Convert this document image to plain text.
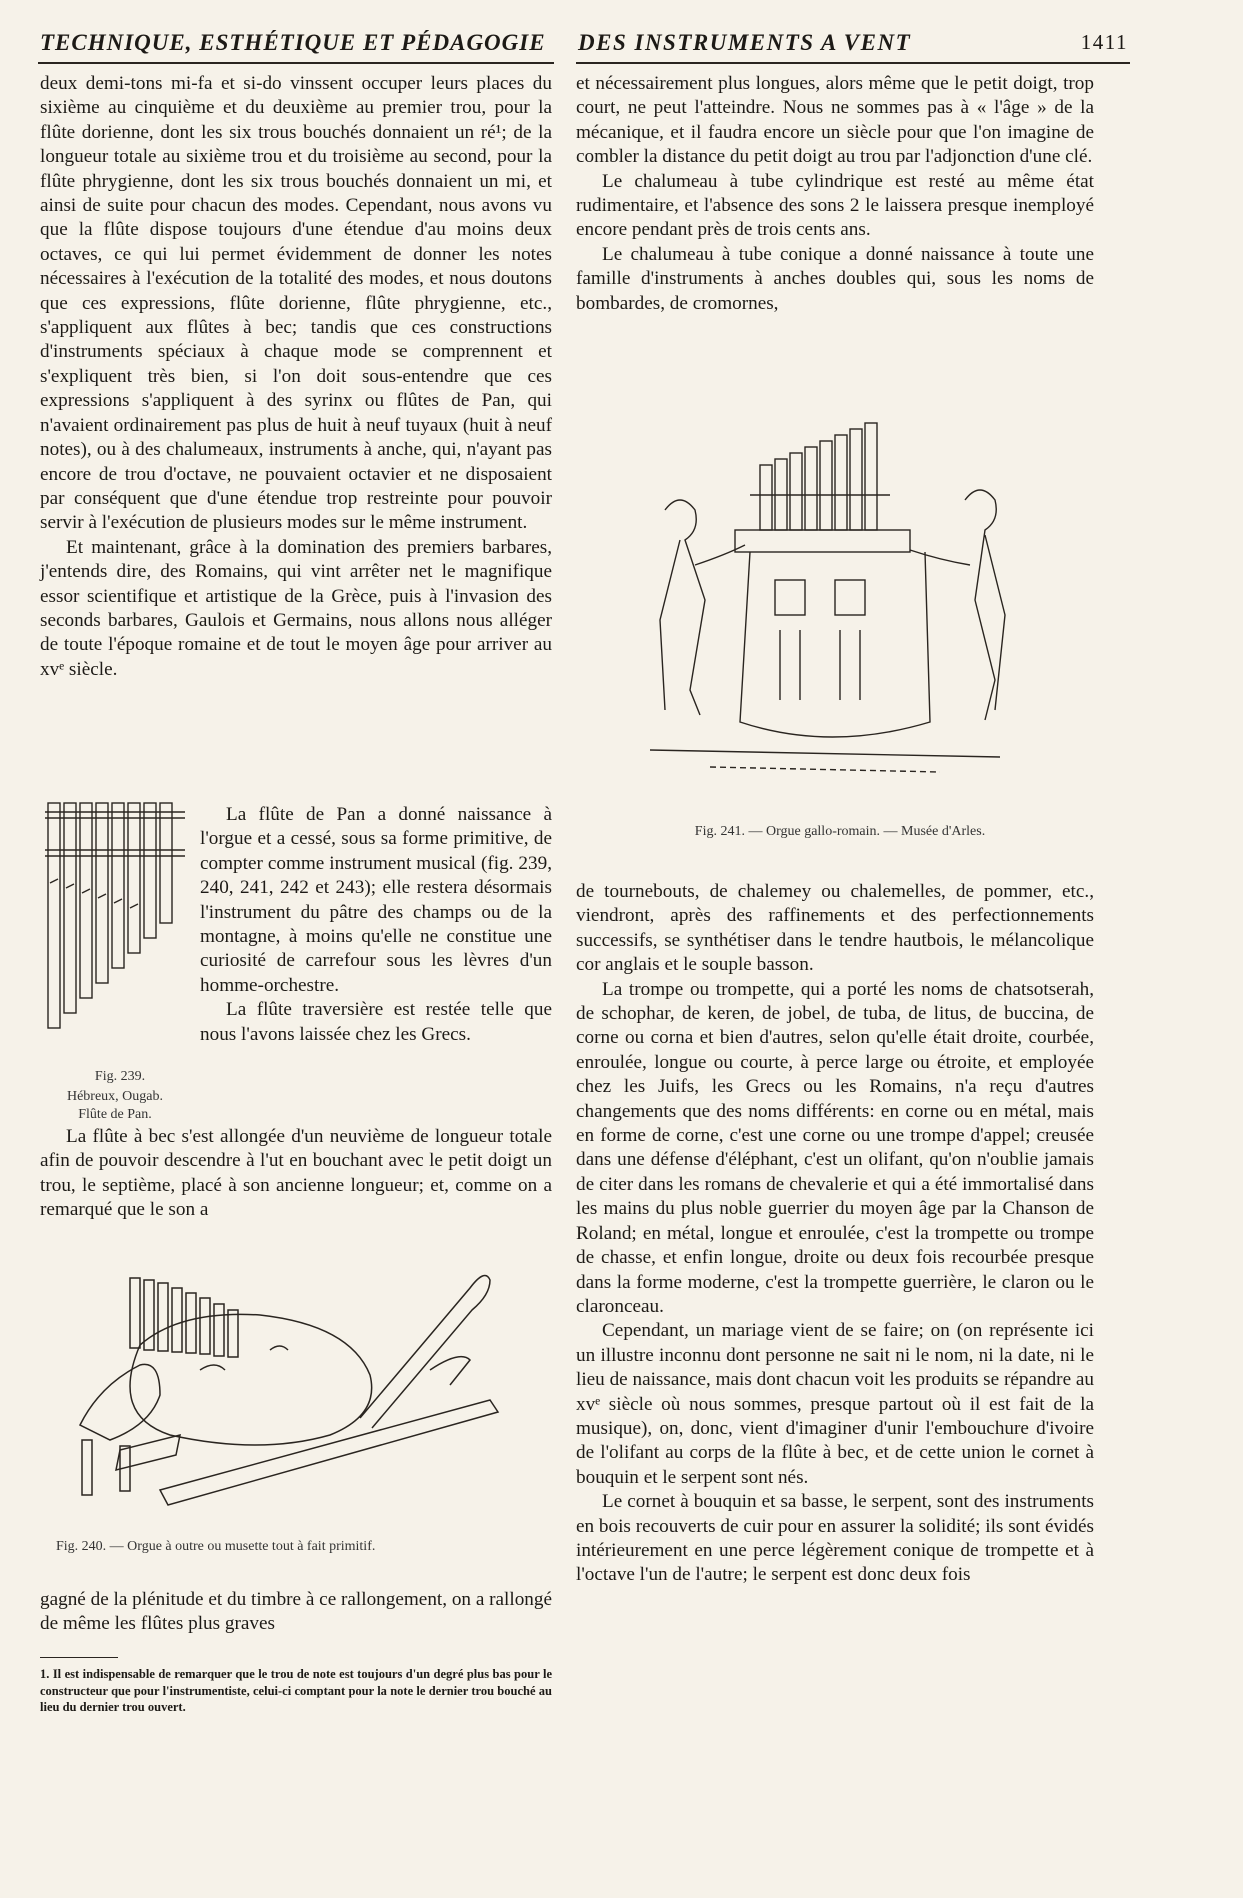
TECHNIQUE, ESTHÉTIQUE ET PÉDAGOGIE	DES INSTRUMENTS A VENT	1411

deux demi-tons mi-fa et si-do vinssent occuper leurs places du sixième au cinquième et du deuxième au premier trou, pour la flûte dorienne, dont les six trous bouchés donnaient un ré¹; de la longueur totale au sixième trou et du troisième au second, pour la flûte phrygienne, dont les six trous bouchés donnaient un mi, et ainsi de suite pour chacun des modes. Cependant, nous avons vu que la flûte dispose toujours d'une étendue d'au moins deux octaves, ce qui lui permet évidemment de donner les notes nécessaires à l'exécution de la totalité des modes, et nous doutons que ces expressions, flûte dorienne, flûte phrygienne, etc., s'appliquent aux flûtes à bec; tandis que ces constructions d'instruments spéciaux à chaque mode se comprennent et s'expliquent très bien, si l'on doit sous-entendre que ces expressions s'appliquent à des syrinx ou flûtes de Pan, qui n'avaient ordinairement pas plus de huit à neuf tuyaux (huit à neuf notes), ou à des chalumeaux, instruments à anche, qui, n'ayant pas encore de trou d'octave, ne pouvaient octavier et ne disposaient par conséquent que d'une étendue trop restreinte pour pouvoir servir à l'exécution de plusieurs modes sur le même instrument.

Et maintenant, grâce à la domination des premiers barbares, j'entends dire, des Romains, qui vint arrêter net le magnifique essor scientifique et artistique de la Grèce, puis à l'invasion des seconds barbares, Gaulois et Germains, nous allons nous alléger de toute l'époque romaine et de tout le moyen âge pour arriver au xvᵉ siècle.

Fig. 239.
Hébreux, Ougab.
Flûte de Pan.

La flûte de Pan a donné naissance à l'orgue et a cessé, sous sa forme primitive, de compter comme instrument musical (fig. 239, 240, 241, 242 et 243); elle restera désormais l'instrument du pâtre des champs ou de la montagne, à moins qu'elle ne constitue une curiosité de carrefour sous les lèvres d'un homme-orchestre.

La flûte traversière est restée telle que nous l'avons laissée chez les Grecs.

La flûte à bec s'est allongée d'un neuvième de longueur totale afin de pouvoir descendre à l'ut en bouchant avec le petit doigt un trou, le septième, placé à son ancienne longueur; et, comme on a remarqué que le son a

Fig. 240. — Orgue à outre ou musette tout à fait primitif.

gagné de la plénitude et du timbre à ce rallongement, on a rallongé de même les flûtes plus graves

1. Il est indispensable de remarquer que le trou de note est toujours d'un degré plus bas pour le constructeur que pour l'instrumentiste, celui-ci comptant pour la note le dernier trou bouché au lieu du dernier trou ouvert.

et nécessairement plus longues, alors même que le petit doigt, trop court, ne peut l'atteindre. Nous ne sommes pas à « l'âge » de la mécanique, et il faudra encore un siècle pour que l'on imagine de combler la distance du petit doigt au trou par l'adjonction d'une clé.

Le chalumeau à tube cylindrique est resté au même état rudimentaire, et l'absence des sons 2 le laissera presque inemployé encore pendant près de trois cents ans.

Le chalumeau à tube conique a donné naissance à toute une famille d'instruments à anches doubles qui, sous les noms de bombardes, de cromornes,

Fig. 241. — Orgue gallo-romain. — Musée d'Arles.

de tournebouts, de chalemey ou chalemelles, de pommer, etc., viendront, après des raffinements et des perfectionnements successifs, se synthétiser dans le tendre hautbois, le mélancolique cor anglais et le souple basson.

La trompe ou trompette, qui a porté les noms de chatsotserah, de schophar, de keren, de jobel, de tuba, de litus, de buccina, de corne ou corna et bien d'autres, selon qu'elle était droite, courbée, enroulée, longue ou courte, à perce large ou étroite, et employée chez les Juifs, les Grecs ou les Romains, n'a reçu d'autres changements que des noms différents: en corne ou en métal, mais en forme de corne, c'est une corne ou une trompe d'appel; creusée dans une défense d'éléphant, c'est un olifant, qu'on n'oublie jamais de citer dans les romans de chevalerie et qui a été immortalisé dans les mains du plus noble guerrier du moyen âge par la Chanson de Roland; en métal, longue et enroulée, c'est la trompette ou trompe de chasse, et enfin longue, droite ou deux fois recourbée presque dans la forme moderne, c'est la trompette guerrière, le claron ou le claronceau.

Cependant, un mariage vient de se faire; on (on représente ici un illustre inconnu dont personne ne sait ni le nom, ni la date, ni le lieu de naissance, mais dont chacun voit les produits se répandre au xvᵉ siècle où nous sommes, presque partout où il est fait de la musique), on, donc, vient d'imaginer d'unir l'embouchure d'ivoire de l'olifant au corps de la flûte à bec, et de cette union le cornet à bouquin et le serpent sont nés.

Le cornet à bouquin et sa basse, le serpent, sont des instruments en bois recouverts de cuir pour en assurer la solidité; ils sont évidés intérieurement en une perce légèrement conique de trompette et à l'octave l'un de l'autre; le serpent est donc deux fois
